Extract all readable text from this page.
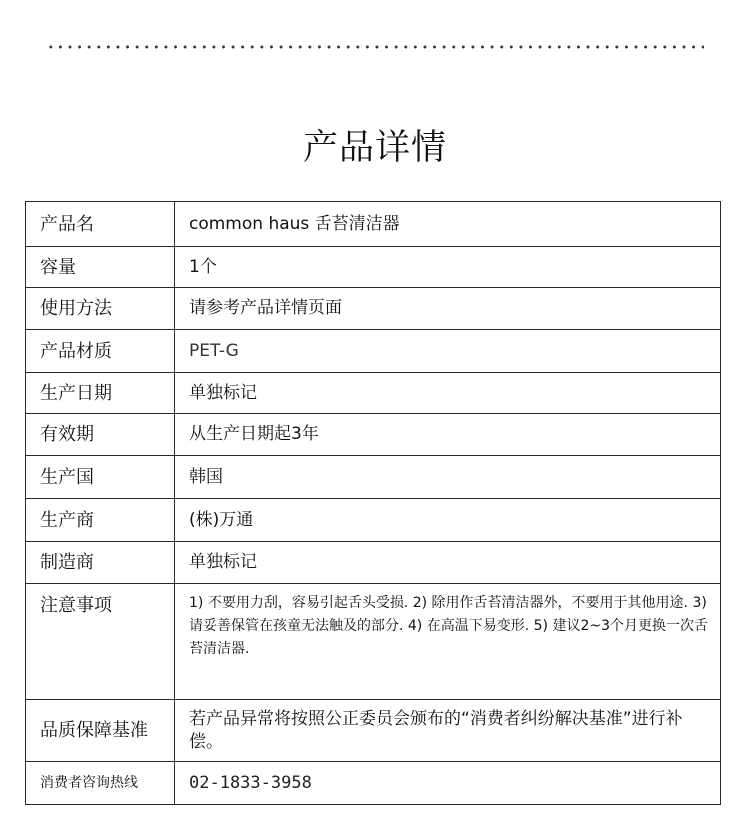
产品详情
产品名	common haus 舌苔清洁器
容量	1个
使用方法	请参考产品详情页面
产品材质	PET-G
生产日期	单独标记
有效期	从生产日期起3年
生产国	韩国
生产商	(株)万通
制造商	单独标记
注意事项	1) 不要用力刮，容易引起舌头受损. 2) 除用作舌苔清洁器外，不要用于其他用途. 3) 请妥善保管在孩童无法触及的部分. 4) 在高温下易变形. 5) 建议2~3个月更换一次舌苔清洁器.
品质保障基准	若产品异常将按照公正委员会颁布的“消费者纠纷解决基准”进行补偿。
消费者咨询热线	02-1833-3958
